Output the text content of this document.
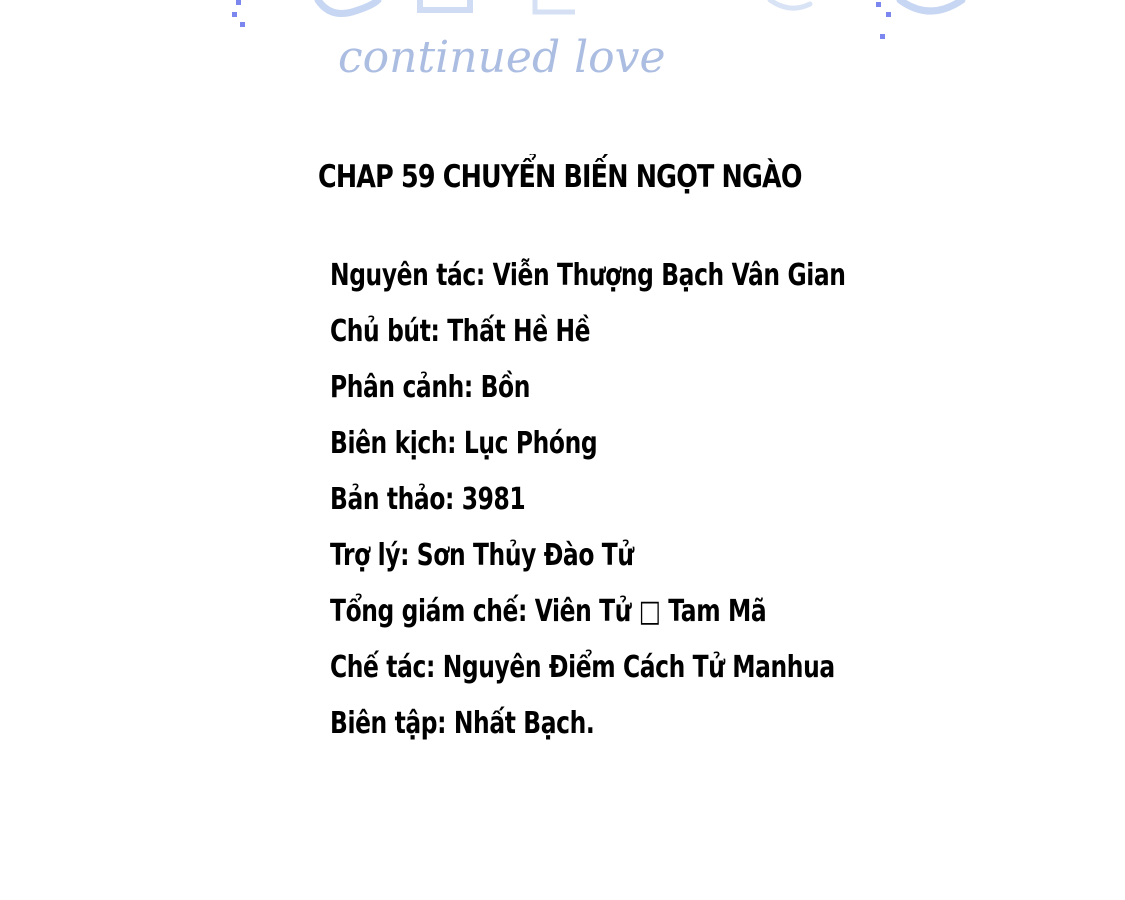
continued love
CHAP 59 CHUYỂN BIẾN NGỌT NGÀO
Nguyên tác: Viễn Thượng Bạch Vân Gian
Chủ bút: Thất Hề Hề
Phân cảnh: Bồn
Biên kịch: Lục Phóng
Bản thảo: 3981
Trợ lý: Sơn Thủy Đào Tử
Tổng giám chế: Viên Tử □ Tam Mã
Chế tác: Nguyên Điểm Cách Tử Manhua
Biên tập: Nhất Bạch.
